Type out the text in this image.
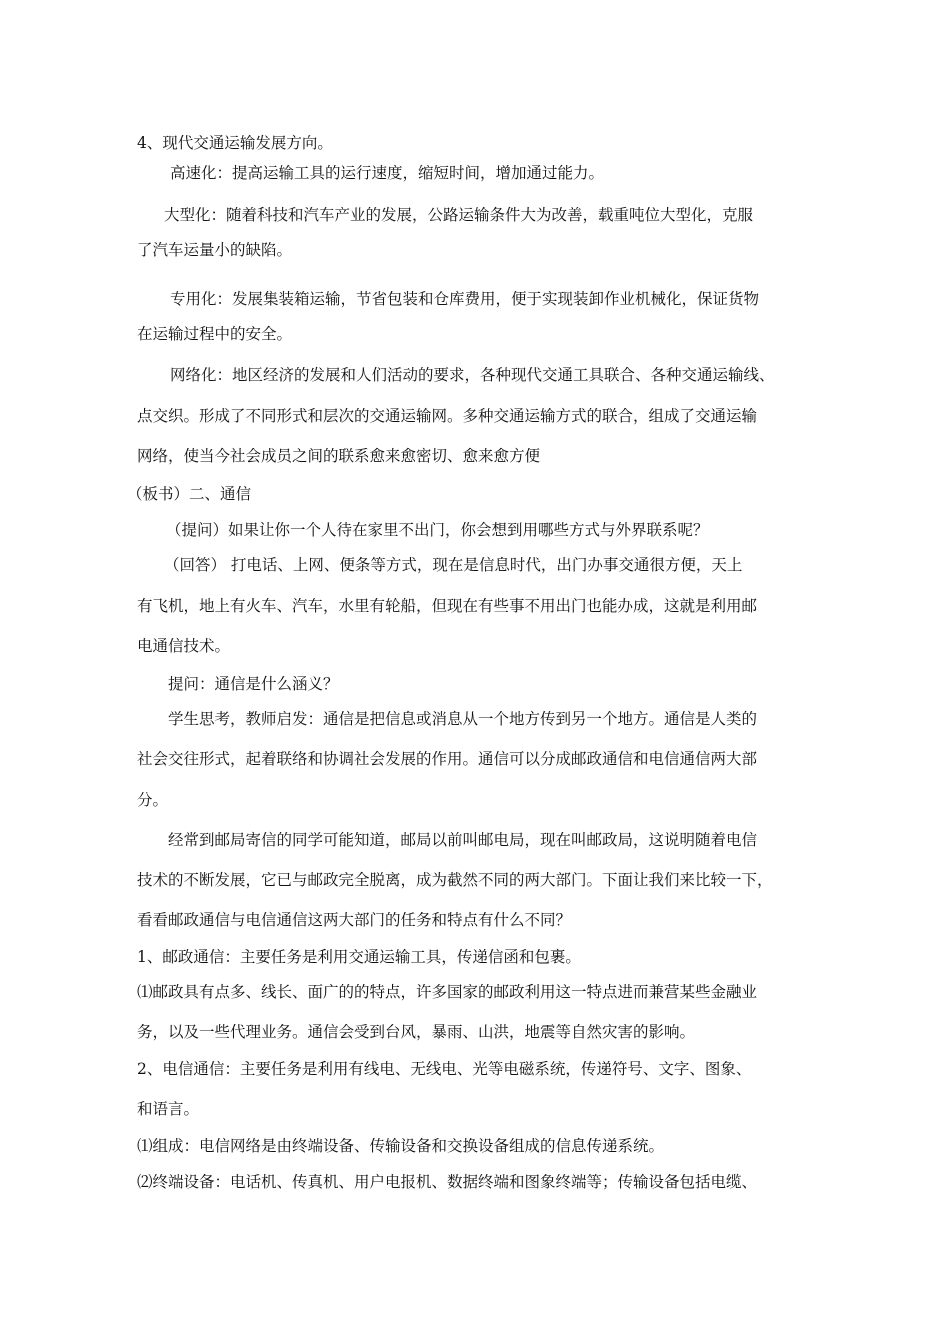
4、现代交通运输发展方向。
高速化：提高运输工具的运行速度，缩短时间，增加通过能力。
大型化：随着科技和汽车产业的发展，公路运输条件大为改善，载重吨位大型化，克服
了汽车运量小的缺陷。
专用化：发展集装箱运输，节省包装和仓库费用，便于实现装卸作业机械化，保证货物
在运输过程中的安全。
网络化：地区经济的发展和人们活动的要求，各种现代交通工具联合、各种交通运输线、
点交织。形成了不同形式和层次的交通运输网。多种交通运输方式的联合，组成了交通运输
网络，使当今社会成员之间的联系愈来愈密切、愈来愈方便
（板书）二、通信
（提问）如果让你一个人待在家里不出门，你会想到用哪些方式与外界联系呢？
（回答） 打电话、上网、便条等方式，现在是信息时代，出门办事交通很方便，天上
有飞机，地上有火车、汽车，水里有轮船，但现在有些事不用出门也能办成，这就是利用邮
电通信技术。
提问：通信是什么涵义？
学生思考，教师启发：通信是把信息或消息从一个地方传到另一个地方。通信是人类的
社会交往形式，起着联络和协调社会发展的作用。通信可以分成邮政通信和电信通信两大部
分。
经常到邮局寄信的同学可能知道，邮局以前叫邮电局，现在叫邮政局，这说明随着电信
技术的不断发展，它已与邮政完全脱离，成为截然不同的两大部门。下面让我们来比较一下，
看看邮政通信与电信通信这两大部门的任务和特点有什么不同？
1、邮政通信：主要任务是利用交通运输工具，传递信函和包裹。
⑴邮政具有点多、线长、面广的的特点，许多国家的邮政利用这一特点进而兼营某些金融业
务，以及一些代理业务。通信会受到台风，暴雨、山洪，地震等自然灾害的影响。
2、电信通信：主要任务是利用有线电、无线电、光等电磁系统，传递符号、文字、图象、
和语言。
⑴组成：电信网络是由终端设备、传输设备和交换设备组成的信息传递系统。
⑵终端设备：电话机、传真机、用户电报机、数据终端和图象终端等；传输设备包括电缆、
